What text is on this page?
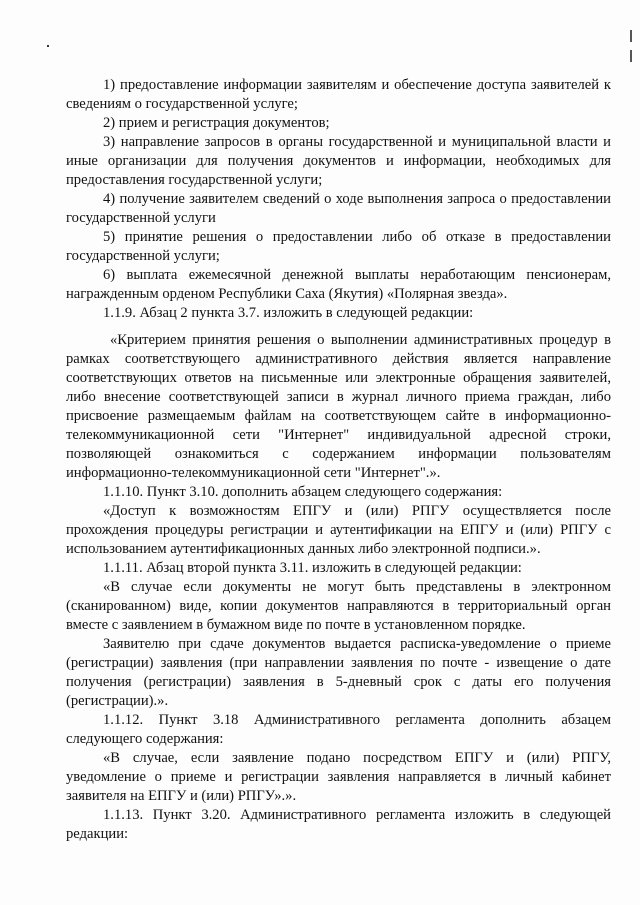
1) предоставление информации заявителям и обеспечение доступа заявителей к сведениям о государственной услуге;

2) прием и регистрация документов;

3) направление запросов в органы государственной и муниципальной власти и иные организации для получения документов и информации, необходимых для предоставления государственной услуги;

4) получение заявителем сведений о ходе выполнения запроса о предоставлении государственной услуги

5) принятие решения о предоставлении либо об отказе в предоставлении государственной услуги;

6) выплата ежемесячной денежной выплаты неработающим пенсионерам, награжденным орденом Республики Саха (Якутия) «Полярная звезда».

1.1.9. Абзац 2 пункта 3.7. изложить в следующей редакции:

«Критерием принятия решения о выполнении административных процедур в рамках соответствующего административного действия является направление соответствующих ответов на письменные или электронные обращения заявителей, либо внесение соответствующей записи в журнал личного приема граждан, либо присвоение размещаемым файлам на соответствующем сайте в информационно-телекоммуникационной сети "Интернет" индивидуальной адресной строки, позволяющей ознакомиться с содержанием информации пользователям информационно-телекоммуникационной сети "Интернет".».

1.1.10. Пункт 3.10. дополнить абзацем следующего содержания:

«Доступ к возможностям ЕПГУ и (или) РПГУ осуществляется после прохождения процедуры регистрации и аутентификации на ЕПГУ и (или) РПГУ с использованием аутентификационных данных либо электронной подписи.».

1.1.11. Абзац второй пункта 3.11. изложить в следующей редакции:

«В случае если документы не могут быть представлены в электронном (сканированном) виде, копии документов направляются в территориальный орган вместе с заявлением в бумажном виде по почте в установленном порядке.

Заявителю при сдаче документов выдается расписка-уведомление о приеме (регистрации) заявления (при направлении заявления по почте - извещение о дате получения (регистрации) заявления в 5-дневный срок с даты его получения (регистрации).».

1.1.12. Пункт 3.18 Административного регламента дополнить абзацем следующего содержания:

«В случае, если заявление подано посредством ЕПГУ и (или) РПГУ, уведомление о приеме и регистрации заявления направляется в личный кабинет заявителя на ЕПГУ и (или) РПГУ».».

1.1.13. Пункт 3.20. Административного регламента изложить в следующей редакции:
